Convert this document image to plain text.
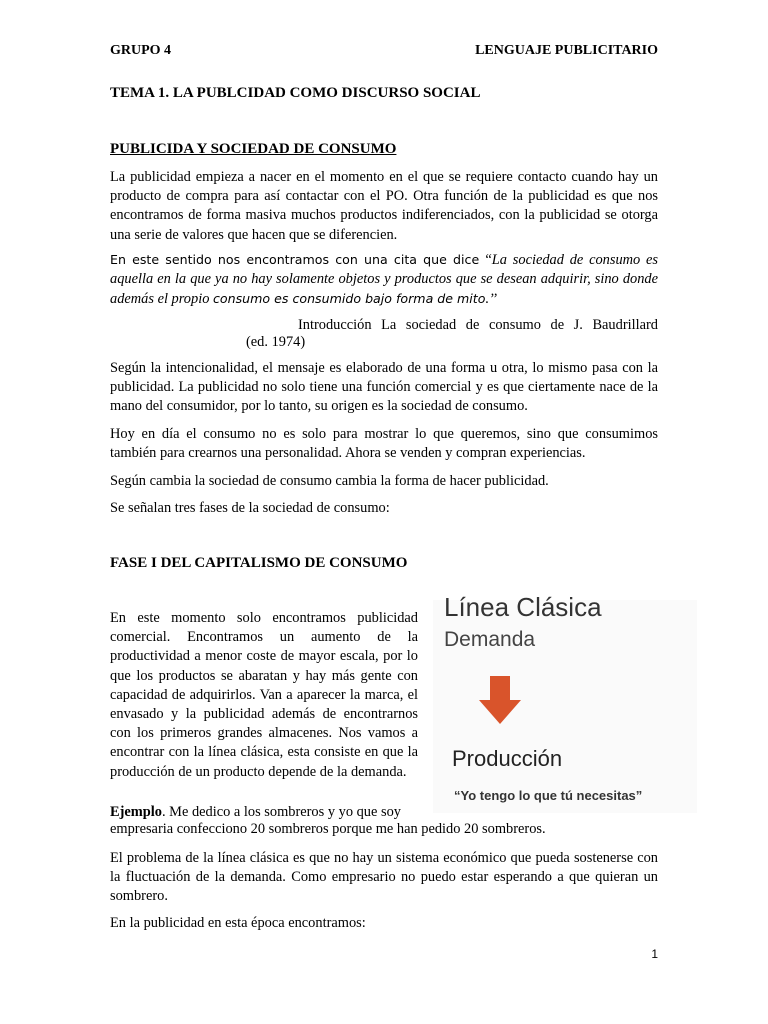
GRUPO 4	LENGUAJE PUBLICITARIO
TEMA 1. LA PUBLCIDAD COMO DISCURSO SOCIAL
PUBLICIDA Y SOCIEDAD DE CONSUMO

La publicidad empieza a nacer en el momento en el que se requiere contacto cuando hay un producto de compra para así contactar con el PO. Otra función de la publicidad es que nos encontramos de forma masiva muchos productos indiferenciados, con la publicidad se otorga una serie de valores que hacen que se diferencien.

En este sentido nos encontramos con una cita que dice “La sociedad de consumo es aquella en la que ya no hay solamente objetos y productos que se desean adquirir, sino donde además el propio consumo es consumido bajo forma de mito.’’

Introducción La sociedad de consumo de J. Baudrillard
(ed. 1974)

Según la intencionalidad, el mensaje es elaborado de una forma u otra, lo mismo pasa con la publicidad. La publicidad no solo tiene una función comercial y es que ciertamente nace de la mano del consumidor, por lo tanto, su origen es la sociedad de consumo.

Hoy en día el consumo no es solo para mostrar lo que queremos, sino que consumimos también para crearnos una personalidad. Ahora se venden y compran experiencias.

Según cambia la sociedad de consumo cambia la forma de hacer publicidad.

Se señalan tres fases de la sociedad de consumo:

FASE I DEL CAPITALISMO DE CONSUMO

En este momento solo encontramos publicidad comercial. Encontramos un aumento de la productividad a menor coste de mayor escala, por lo que los productos se abaratan y hay más gente con capacidad de adquirirlos. Van a aparecer la marca, el envasado y la publicidad además de encontrarnos con los primeros grandes almacenes. Nos vamos a encontrar con la línea clásica, esta consiste en que la producción de un producto depende de la demanda.

Ejemplo. Me dedico a los sombreros y yo que soy
empresaria confecciono 20 sombreros porque me han pedido 20 sombreros.

El problema de la línea clásica es que no hay un sistema económico que pueda sostenerse con la fluctuación de la demanda. Como empresario no puedo estar esperando a que quieran un sombrero.

En la publicidad en esta época encontramos:

Línea Clásica
Demanda
Producción
“Yo tengo lo que tú necesitas”
1
